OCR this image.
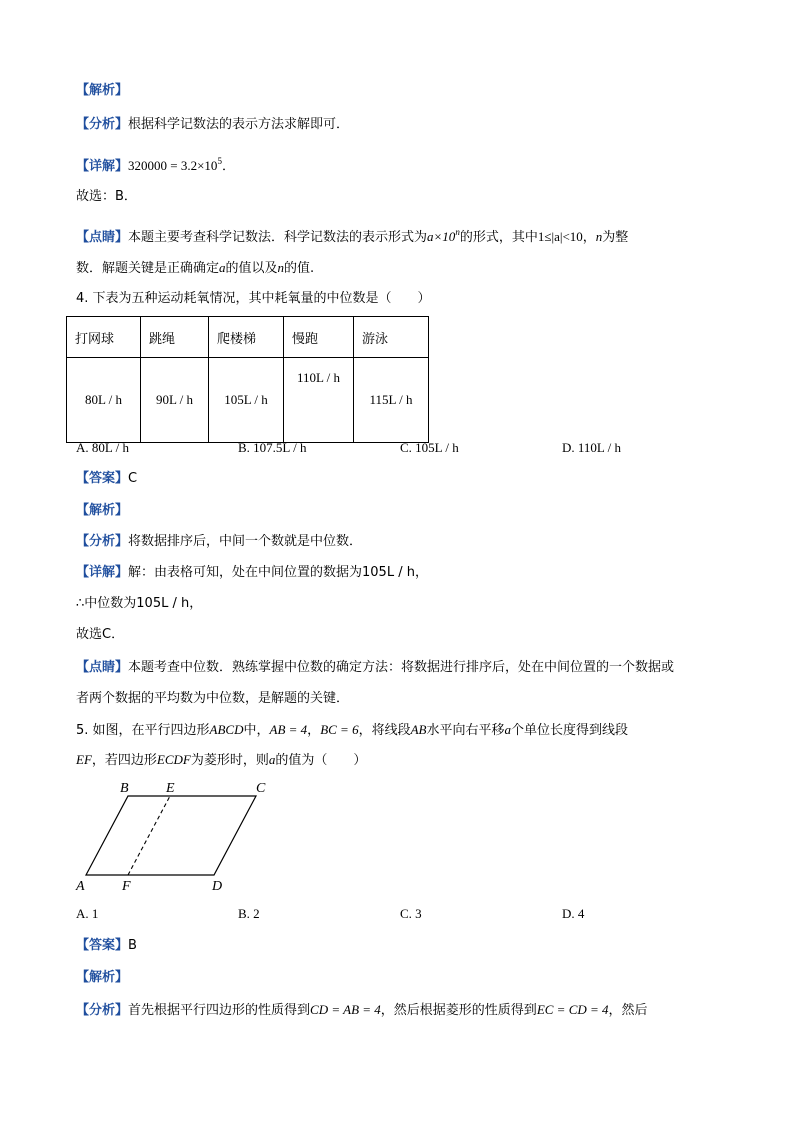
【解析】
【分析】根据科学记数法的表示方法求解即可．
【详解】$320000 = 3.2\times 10^5$．
故选：B．
【点睛】本题主要考查科学记数法．科学记数法的表示形式为$a\times 10^n$的形式，其中1≤|a|<10，n为整
数．解题关键是正确确定a的值以及n的值.
4. 下表为五种运动耗氧情况，其中耗氧量的中位数是（　　）
打网球	跳绳	爬楼梯	慢跑	游泳
80L / h	90L / h	105L / h	110L / h	115L / h
A. 80L / h	B. 107.5L / h	C. 105L / h	D. 110L / h
【答案】C
【解析】
【分析】将数据排序后，中间一个数就是中位数．
【详解】解：由表格可知，处在中间位置的数据为105L / h，
∴中位数为105L / h，
故选C．
【点睛】本题考查中位数．熟练掌握中位数的确定方法：将数据进行排序后，处在中间位置的一个数据或
者两个数据的平均数为中位数，是解题的关键．
5. 如图，在平行四边形ABCD中，AB = 4，BC = 6，将线段AB水平向右平移a个单位长度得到线段
EF，若四边形ECDF为菱形时，则a的值为（　　）
A
B	C
D
E
F
A. 1	B. 2	C. 3	D. 4
【答案】B
【解析】
【分析】首先根据平行四边形的性质得到CD = AB = 4，然后根据菱形的性质得到EC = CD = 4，然后
